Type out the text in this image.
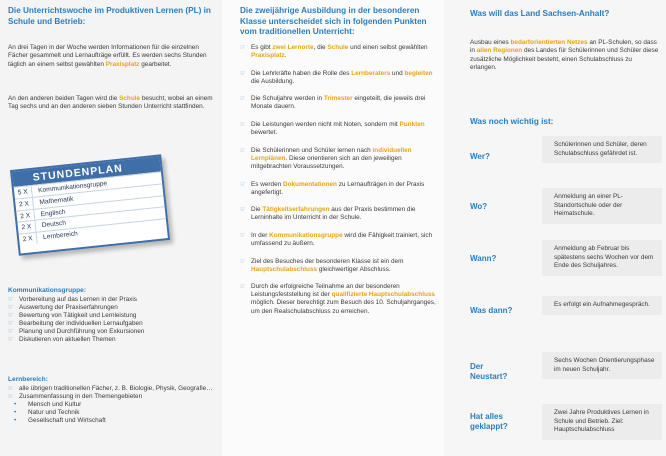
Die Unterrichtswoche im Produktiven Lernen (PL) in Schule und Betrieb:
An drei Tagen in der Woche werden Informationen für die einzelnen Fächer gesammelt und Lernaufträge erfüllt. Es werden sechs Stunden täglich an einem selbst gewählten Praxisplatz gearbeitet.
An den anderen beiden Tagen wird die Schule besucht, wobei an einem Tag sechs und an den anderen sieben Stunden Unterricht stattfinden.
STUNDENPLAN
5 X	Kommunikationsgruppe
2 X	Mathematik
2 X	Englisch
2 X	Deutsch
2 X	Lernbereich
Kommunikationsgruppe:
☞ Vorbereitung auf das Lernen in der Praxis
☞ Auswertung der Praxiserfahrungen
☞ Bewertung von Tätigkeit und Lernleistung
☞ Bearbeitung der individuellen Lernaufgaben
☞ Planung und Durchführung von Exkursionen
☞ Diskutieren von aktuellen Themen
Lernbereich:
☞ alle übrigen traditionellen Fächer, z. B. Biologie, Physik, Geografie…
☞ Zusammenfassung in den Themengebieten
• Mensch und Kultur
• Natur und Technik
• Gesellschaft und Wirtschaft
Die zweijährige Ausbildung in der besonderen Klasse unterscheidet sich in folgenden Punkten vom traditionellen Unterricht:
☞ Es gibt zwei Lernorte, die Schule und einen selbst gewählten Praxisplatz.
☞ Die Lehrkräfte haben die Rolle des Lernberaters und begleiten die Ausbildung.
☞ Die Schuljahre werden in Trimester eingeteilt, die jeweils drei Monate dauern.
☞ Die Leistungen werden nicht mit Noten, sondern mit Punkten bewertet.
☞ Die Schülerinnen und Schüler lernen nach individuellen Lernplänen. Diese orientieren sich an den jeweiligen mitgebrachten Voraussetzungen.
☞ Es werden Dokumentationen zu Lernaufträgen in der Praxis angefertigt.
☞ Die Tätigkeitserfahrungen aus der Praxis bestimmen die Lerninhalte im Unterricht in der Schule.
☞ In der Kommunikationsgruppe wird die Fähigkeit trainiert, sich umfassend zu äußern.
☞ Ziel des Besuches der besonderen Klasse ist ein dem Hauptschulabschluss gleichwertiger Abschluss.
☞ Durch die erfolgreiche Teilnahme an der besonderen Leistungsfeststellung ist der qualifizierte Hauptschulabschluss möglich. Dieser berechtigt zum Besuch des 10. Schuljahrganges, um den Realschulabschluss zu erreichen.
Was will das Land Sachsen-Anhalt?
Ausbau eines bedarforientierten Netzes an PL-Schulen, so dass in allen Regionen des Landes für Schülerinnen und Schüler diese zusätzliche Möglichkeit besteht, einen Schulabschluss zu erlangen.
Was noch wichtig ist:
Wer?
Schülerinnen und Schüler, deren Schulabschluss gefährdet ist.
Wo?
Anmeldung an einer PL-Standortschule oder der Heimatschule.
Wann?
Anmeldung ab Februar bis spätestens sechs Wochen vor dem Ende des Schuljahres.
Was dann?
Es erfolgt ein Aufnahmegespräch.
Der Neustart?
Sechs Wochen Orientierungsphase im neuen Schuljahr.
Hat alles geklappt?
Zwei Jahre Produktives Lernen in Schule und Betrieb. Ziel: Hauptschulabschluss
